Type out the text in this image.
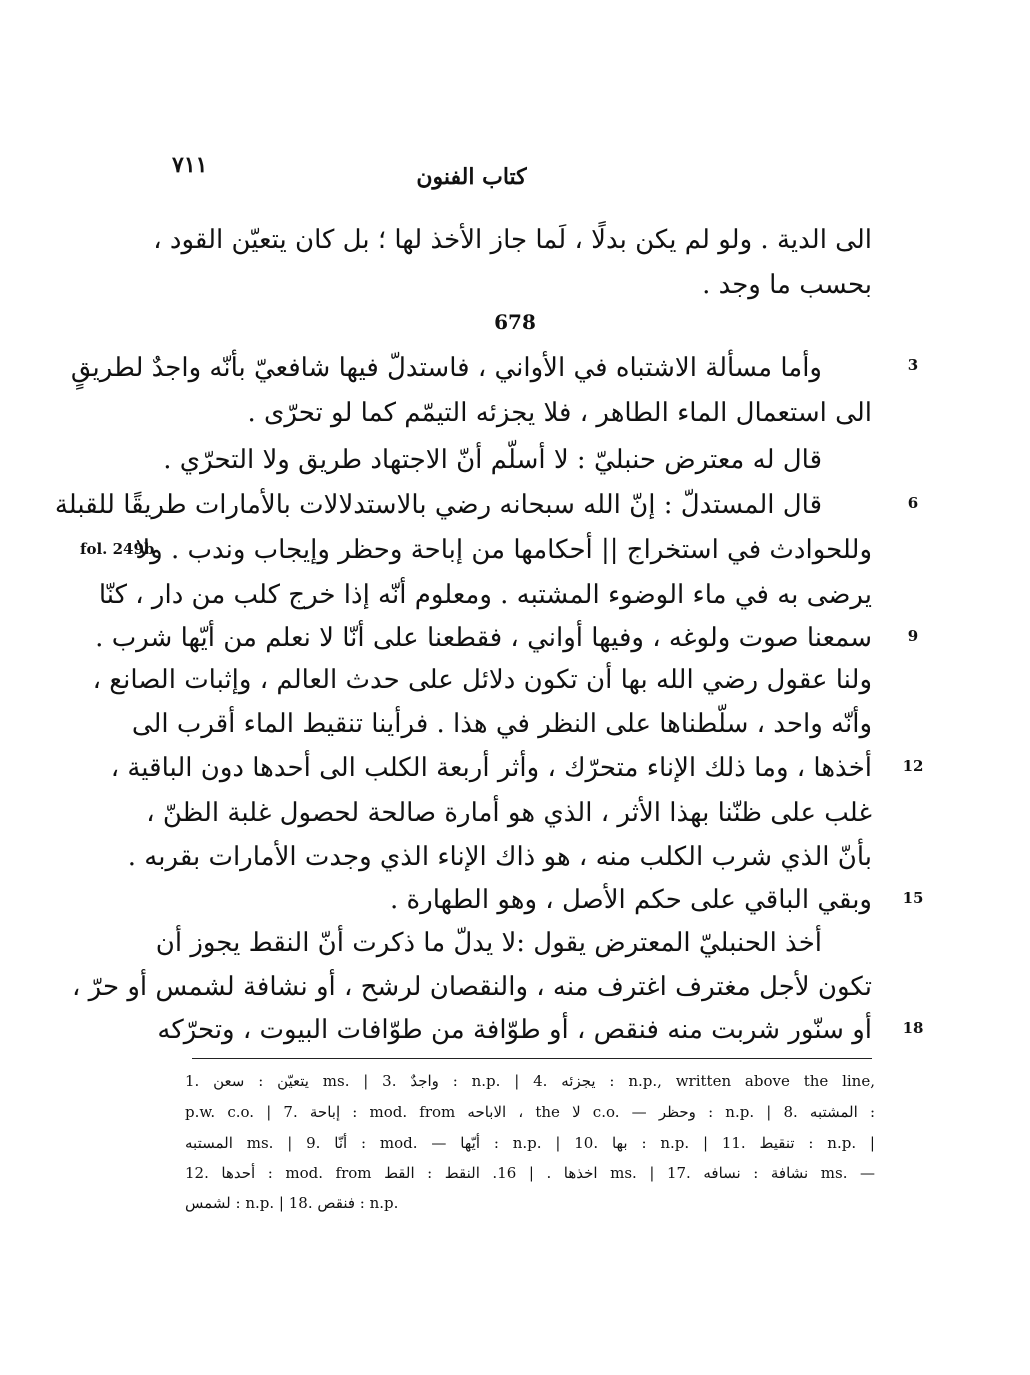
٧١١	كتاب الفنون
الى الدية . ولو لم يكن بدلًا ، لَما جاز الأخذ لها ؛ بل كان يتعيّن القود ،
بحسب ما وجد .
678
وأما مسألة الاشتباه في الأواني ، فاستدلّ فيها شافعيّ بأنّه واجدٌ لطريقٍ
الى استعمال الماء الطاهر ، فلا يجزئه التيمّم كما لو تحرّى .
قال له معترض حنبليّ : لا أسلّم أنّ الاجتهاد طريق ولا التحرّي .
قال المستدلّ : إنّ الله سبحانه رضي بالاستدلالات بالأمارات طريقًا للقبلة
وللحوادث في استخراج || أحكامها من إباحة وحظر وإيجاب وندب . ولا
يرضى به في ماء الوضوء المشتبه . ومعلوم أنّه إذا خرج كلب من دار ، كنّا
سمعنا صوت ولوغه ، وفيها أواني ، فقطعنا على أنّا لا نعلم من أيّها شرب .
ولنا عقول رضي الله بها أن تكون دلائل على حدث العالم ، وإثبات الصانع ،
وأنّه واحد ، سلّطناها على النظر في هذا . فرأينا تنقيط الماء أقرب الى
أخذها ، وما ذلك الإناء متحرّك ، وأثر أربعة الكلب الى أحدها دون الباقية ،
غلب على ظنّنا بهذا الأثر ، الذي هو أمارة صالحة لحصول غلبة الظنّ ،
بأنّ الذي شرب الكلب منه ، هو ذاك الإناء الذي وجدت الأمارات بقربه .
وبقي الباقي على حكم الأصل ، وهو الطهارة .
أخذ الحنبليّ المعترض يقول :لا يدلّ ما ذكرت أنّ النقط يجوز أن
تكون لأجل مغترف اغترف منه ، والنقصان لرشح ، أو نشافة لشمس أو حرّ ،
أو سنّور شربت منه فنقص ، أو طوّافة من طوّافات البيوت ، وتحرّكه
3
6
9
12
15
18
fol. 249b
1. يتعيّن : سعن ms. | 3. واجدٌ : n.p. | 4. يجزئه : n.p., written above the line,
p.w. c.o. | 7. إباحة : mod. from الاباحه ، the لا c.o. — وحظر : n.p. | 8. المشتبه :
المستبه ms. | 9. أنّا : mod. — أيّها : n.p. | 10. بها : n.p. | 11. تنقيط : n.p. |
12. أحدها : mod. from اخذها . | 16. النقط : القط ms. | 17. نشافة : نسافه ms. —
لشمس : n.p. | 18. فنقص : n.p.
